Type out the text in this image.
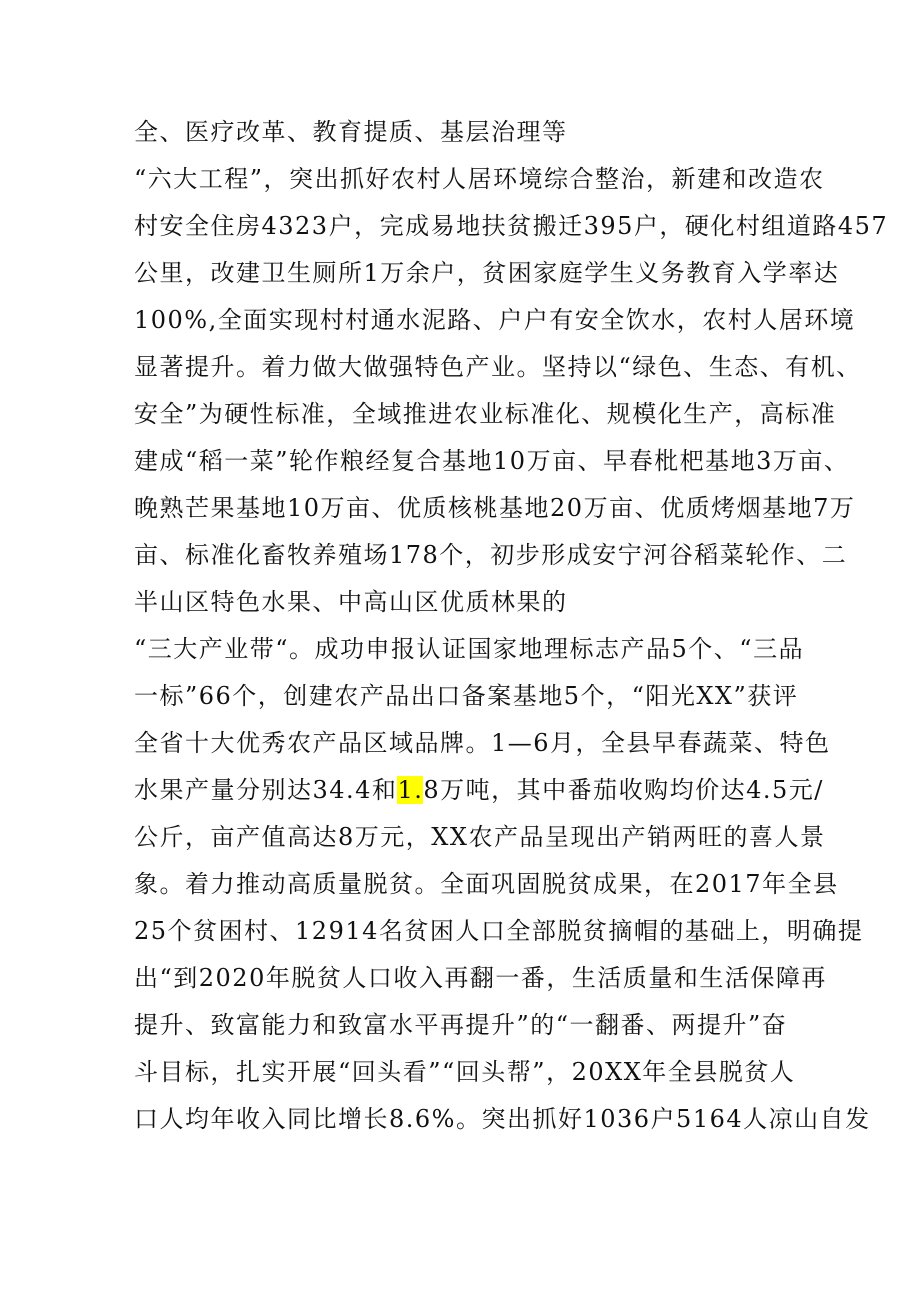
全、医疗改革、教育提质、基层治理等
“六大工程”，突出抓好农村人居环境综合整治，新建和改造农
村安全住房4323户，完成易地扶贫搬迁395户，硬化村组道路457
公里，改建卫生厕所1万余户，贫困家庭学生义务教育入学率达
100%,全面实现村村通水泥路、户户有安全饮水，农村人居环境
显著提升。着力做大做强特色产业。坚持以“绿色、生态、有机、
安全”为硬性标准，全域推进农业标准化、规模化生产，高标准
建成“稻一菜”轮作粮经复合基地10万亩、早春枇杷基地3万亩、
晚熟芒果基地10万亩、优质核桃基地20万亩、优质烤烟基地7万
亩、标准化畜牧养殖场178个，初步形成安宁河谷稻菜轮作、二
半山区特色水果、中高山区优质林果的
“三大产业带“。成功申报认证国家地理标志产品5个、“三品
一标”66个，创建农产品出口备案基地5个，“阳光XX”获评
全省十大优秀农产品区域品牌。1—6月，全县早春蔬菜、特色
水果产量分别达34.4和1.8万吨，其中番茄收购均价达4.5元/
公斤，亩产值高达8万元，XX农产品呈现出产销两旺的喜人景
象。着力推动高质量脱贫。全面巩固脱贫成果，在2017年全县
25个贫困村、12914名贫困人口全部脱贫摘帽的基础上，明确提
出“到2020年脱贫人口收入再翻一番，生活质量和生活保障再
提升、致富能力和致富水平再提升”的“一翻番、两提升”奋
斗目标，扎实开展“回头看”“回头帮”，20XX年全县脱贫人
口人均年收入同比增长8.6%。突出抓好1036户5164人凉山自发
